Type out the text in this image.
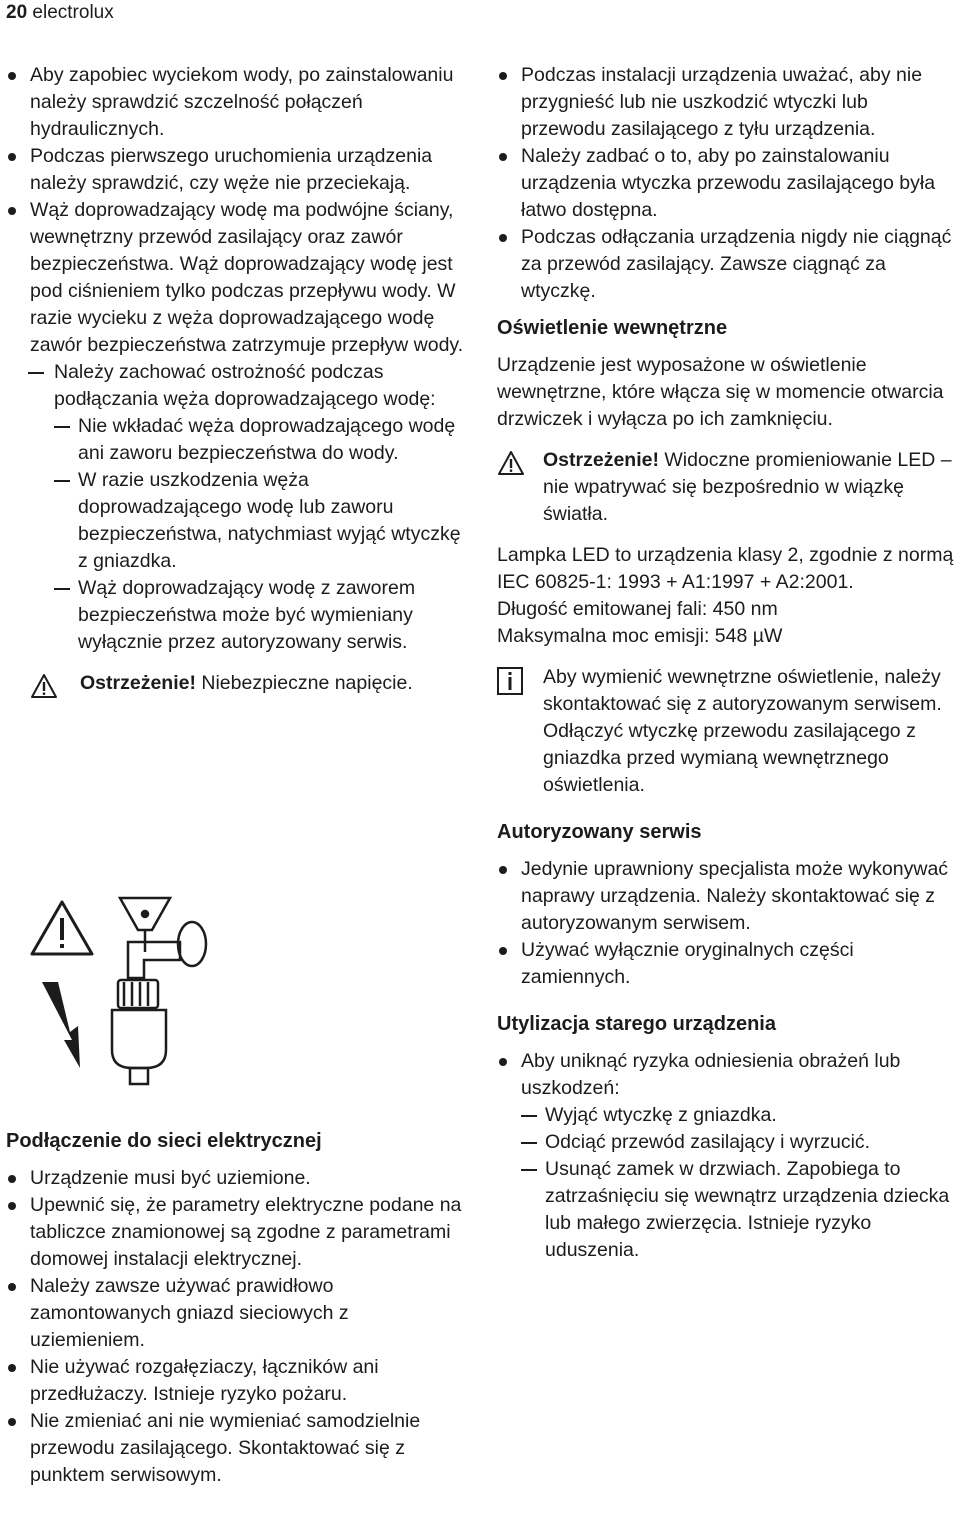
20 electrolux
Aby zapobiec wyciekom wody, po zainstalowaniu należy sprawdzić szczelność połączeń hydraulicznych.
Podczas pierwszego uruchomienia urządzenia należy sprawdzić, czy węże nie przeciekają.
Wąż doprowadzający wodę ma podwójne ściany, wewnętrzny przewód zasilający oraz zawór bezpieczeństwa. Wąż doprowadzający wodę jest pod ciśnieniem tylko podczas przepływu wody. W razie wycieku z węża doprowadzającego wodę zawór bezpieczeństwa zatrzymuje przepływ wody.
Należy zachować ostrożność podczas podłączania węża doprowadzającego wodę:
Nie wkładać węża doprowadzającego wodę ani zaworu bezpieczeństwa do wody.
W razie uszkodzenia węża doprowadzającego wodę lub zaworu bezpieczeństwa, natychmiast wyjąć wtyczkę z gniazdka.
Wąż doprowadzający wodę z zaworem bezpieczeństwa może być wymieniany wyłącznie przez autoryzowany serwis.
Ostrzeżenie! Niebezpieczne napięcie.
Podłączenie do sieci elektrycznej
Urządzenie musi być uziemione.
Upewnić się, że parametry elektryczne podane na tabliczce znamionowej są zgodne z parametrami domowej instalacji elektrycznej.
Należy zawsze używać prawidłowo zamontowanych gniazd sieciowych z uziemieniem.
Nie używać rozgałęziaczy, łączników ani przedłużaczy. Istnieje ryzyko pożaru.
Nie zmieniać ani nie wymieniać samodzielnie przewodu zasilającego. Skontaktować się z punktem serwisowym.
Podczas instalacji urządzenia uważać, aby nie przygnieść lub nie uszkodzić wtyczki lub przewodu zasilającego z tyłu urządzenia.
Należy zadbać o to, aby po zainstalowaniu urządzenia wtyczka przewodu zasilającego była łatwo dostępna.
Podczas odłączania urządzenia nigdy nie ciągnąć za przewód zasilający. Zawsze ciągnąć za wtyczkę.
Oświetlenie wewnętrzne
Urządzenie jest wyposażone w oświetlenie wewnętrzne, które włącza się w momencie otwarcia drzwiczek i wyłącza po ich zamknięciu.
Ostrzeżenie! Widoczne promieniowanie LED – nie wpatrywać się bezpośrednio w wiązkę światła.
Lampka LED to urządzenia klasy 2, zgodnie z normą IEC 60825-1: 1993 + A1:1997 + A2:2001.
Długość emitowanej fali: 450 nm
Maksymalna moc emisji: 548 µW
Aby wymienić wewnętrzne oświetlenie, należy skontaktować się z autoryzowanym serwisem.
Odłączyć wtyczkę przewodu zasilającego z gniazdka przed wymianą wewnętrznego oświetlenia.
Autoryzowany serwis
Jedynie uprawniony specjalista może wykonywać naprawy urządzenia. Należy skontaktować się z autoryzowanym serwisem.
Używać wyłącznie oryginalnych części zamiennych.
Utylizacja starego urządzenia
Aby uniknąć ryzyka odniesienia obrażeń lub uszkodzeń:
Wyjąć wtyczkę z gniazdka.
Odciąć przewód zasilający i wyrzucić.
Usunąć zamek w drzwiach. Zapobiega to zatrzaśnięciu się wewnątrz urządzenia dziecka lub małego zwierzęcia. Istnieje ryzyko uduszenia.
